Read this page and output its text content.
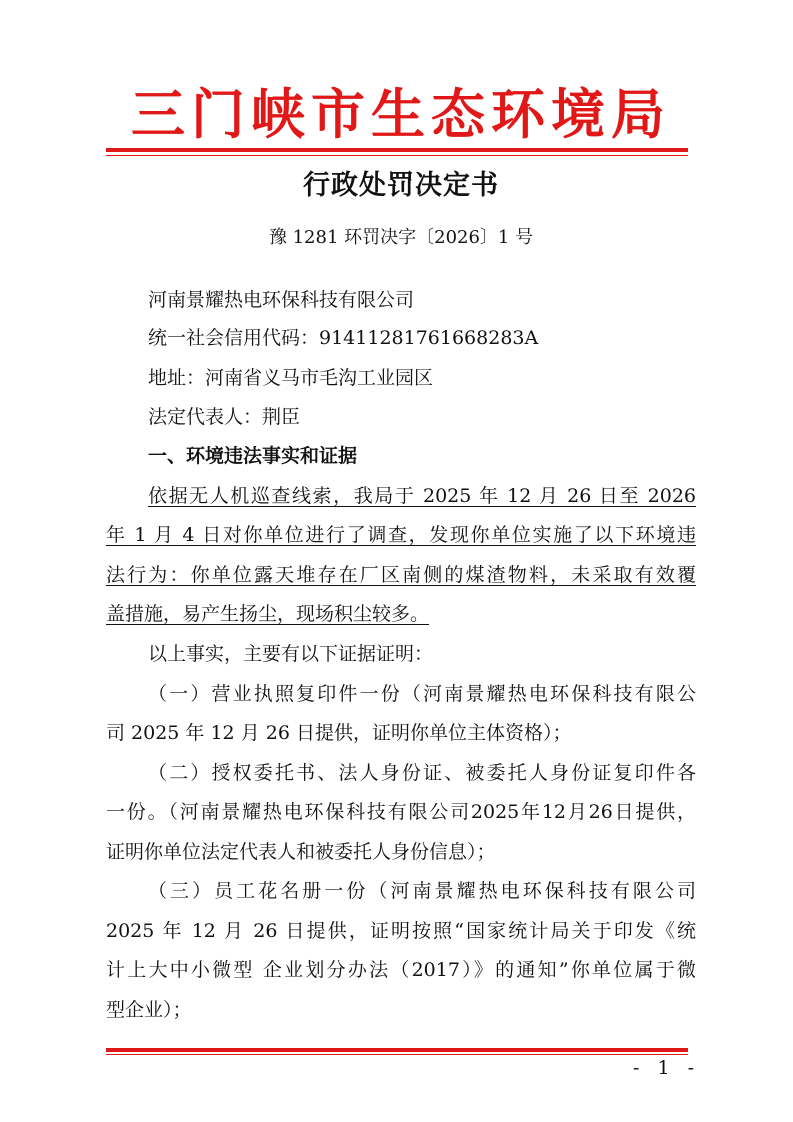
三门峡市生态环境局
行政处罚决定书
豫 1281 环罚决字〔2026〕1 号
河南景耀热电环保科技有限公司
统一社会信用代码：91411281761668283A
地址：河南省义马市毛沟工业园区
法定代表人：荆臣
一、环境违法事实和证据
依据无人机巡查线索，我局于 2025 年 12 月 26 日至 2026
年 1 月 4 日对你单位进行了调查，发现你单位实施了以下环境违
法行为：你单位露天堆存在厂区南侧的煤渣物料，未采取有效覆
盖措施，易产生扬尘，现场积尘较多。
以上事实，主要有以下证据证明：
（一）营业执照复印件一份（河南景耀热电环保科技有限公
司 2025 年 12 月 26 日提供，证明你单位主体资格）；
（二）授权委托书、法人身份证、被委托人身份证复印件各
一份。（河南景耀热电环保科技有限公司2025年12月26日提供，
证明你单位法定代表人和被委托人身份信息）；
（三）员工花名册一份（河南景耀热电环保科技有限公司
2025 年 12 月 26 日提供，证明按照“国家统计局关于印发《统
计上大中小微型 企业划分办法（2017）》的通知”你单位属于微
型企业）；
- 1 -
